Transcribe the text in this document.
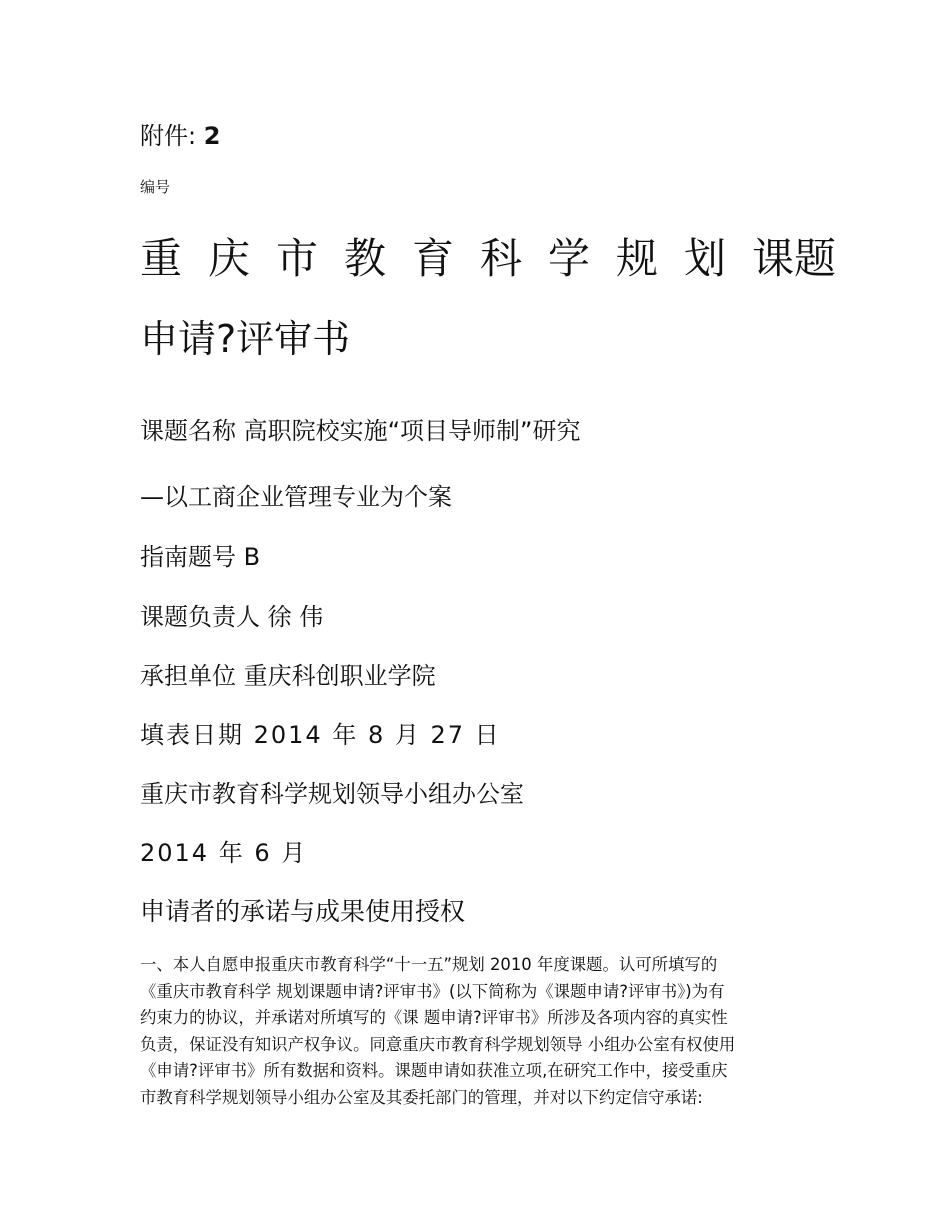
附件: 2
编号
重庆市教育科学规划课题
申请?评审书
课题名称 高职院校实施“项目导师制”研究
—以工商企业管理专业为个案
指南题号 B
课题负责人 徐 伟
承担单位 重庆科创职业学院
填表日期 2014 年 8 月 27 日
重庆市教育科学规划领导小组办公室
2014 年 6 月
申请者的承诺与成果使用授权
一、本人自愿申报重庆市教育科学“十一五”规划 2010 年度课题。认可所填写的
《重庆市教育科学 规划课题申请?评审书》(以下简称为《课题申请?评审书》)为有
约束力的协议，并承诺对所填写的《课 题申请?评审书》所涉及各项内容的真实性
负责，保证没有知识产权争议。同意重庆市教育科学规划领导 小组办公室有权使用
《申请?评审书》所有数据和资料。课题申请如获准立项,在研究工作中，接受重庆
市教育科学规划领导小组办公室及其委托部门的管理，并对以下约定信守承诺:
